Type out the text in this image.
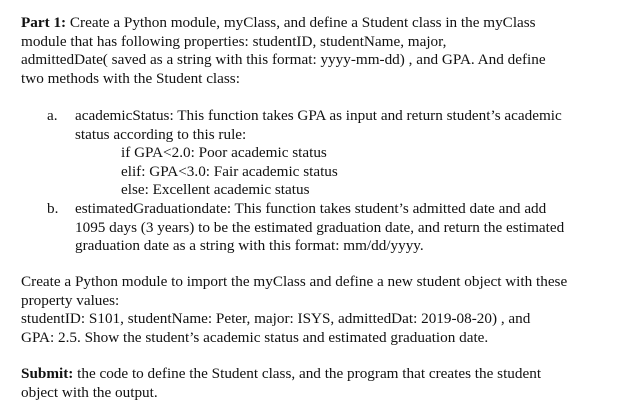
Part 1: Create a Python module, myClass, and define a Student class in the myClass
module that has following properties: studentID, studentName, major,
admittedDate( saved as a string with this format: yyyy-mm-dd) , and GPA. And define
two methods with the Student class:

a. academicStatus: This function takes GPA as input and return student’s academic
status according to this rule:
if GPA<2.0: Poor academic status
elif: GPA<3.0: Fair academic status
else: Excellent academic status
b. estimatedGraduationdate: This function takes student’s admitted date and add
1095 days (3 years) to be the estimated graduation date, and return the estimated
graduation date as a string with this format: mm/dd/yyyy.

Create a Python module to import the myClass and define a new student object with these
property values:
studentID: S101, studentName: Peter, major: ISYS, admittedDat: 2019-08-20) , and
GPA: 2.5. Show the student’s academic status and estimated graduation date.

Submit: the code to define the Student class, and the program that creates the student
object with the output.
